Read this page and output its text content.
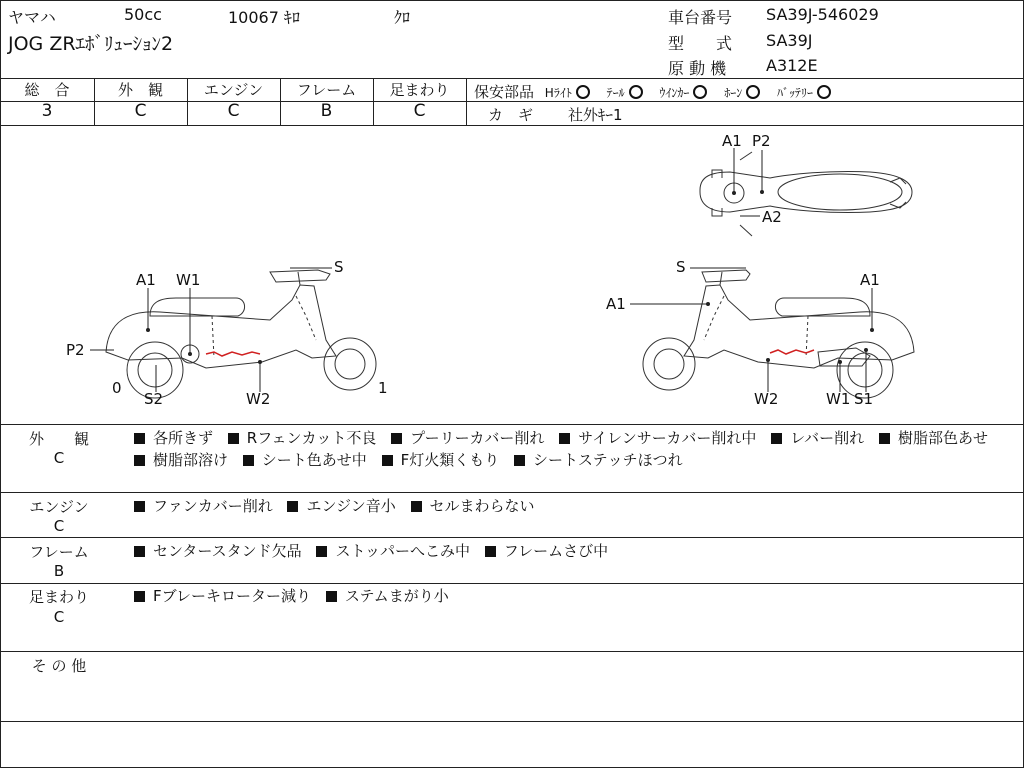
ヤマハ	50cc	10067 ｷﾛ	ｸﾛ
JOG ZRｴﾎﾞﾘｭｰｼｮﾝ2
車台番号 SA39J-546029
型　　式 SA39J
原 動 機 A312E
総　合	外　観	エンジン	フレーム	足まわり
3	C	C	B	C
保安部品 Hﾗｲﾄ ○ ﾃｰﾙ ○ ｳｲﾝｶｰ ○ ﾎｰﾝ ○ ﾊﾞｯﾃﾘｰ
カ　ギ 社外ｷｰ1
A1 P2
A2
A1 W1
S
P2
0
S2	W2
1
S
A1
A1
W2	W1 S1
外　　観
C
各所きず Rフェンカット不良 プーリーカバー削れ サイレンサーカバー削れ中 レバー削れ 樹脂部色あせ 樹脂部溶け シート色あせ中 F灯火類くもり シートステッチほつれ
エンジン
C
ファンカバー削れ エンジン音小 セルまわらない
フレーム
B
センタースタンド欠品 ストッパーへこみ中 フレームさび中
足まわり
C
Fブレーキローター減り ステムまがり小
そ の 他
